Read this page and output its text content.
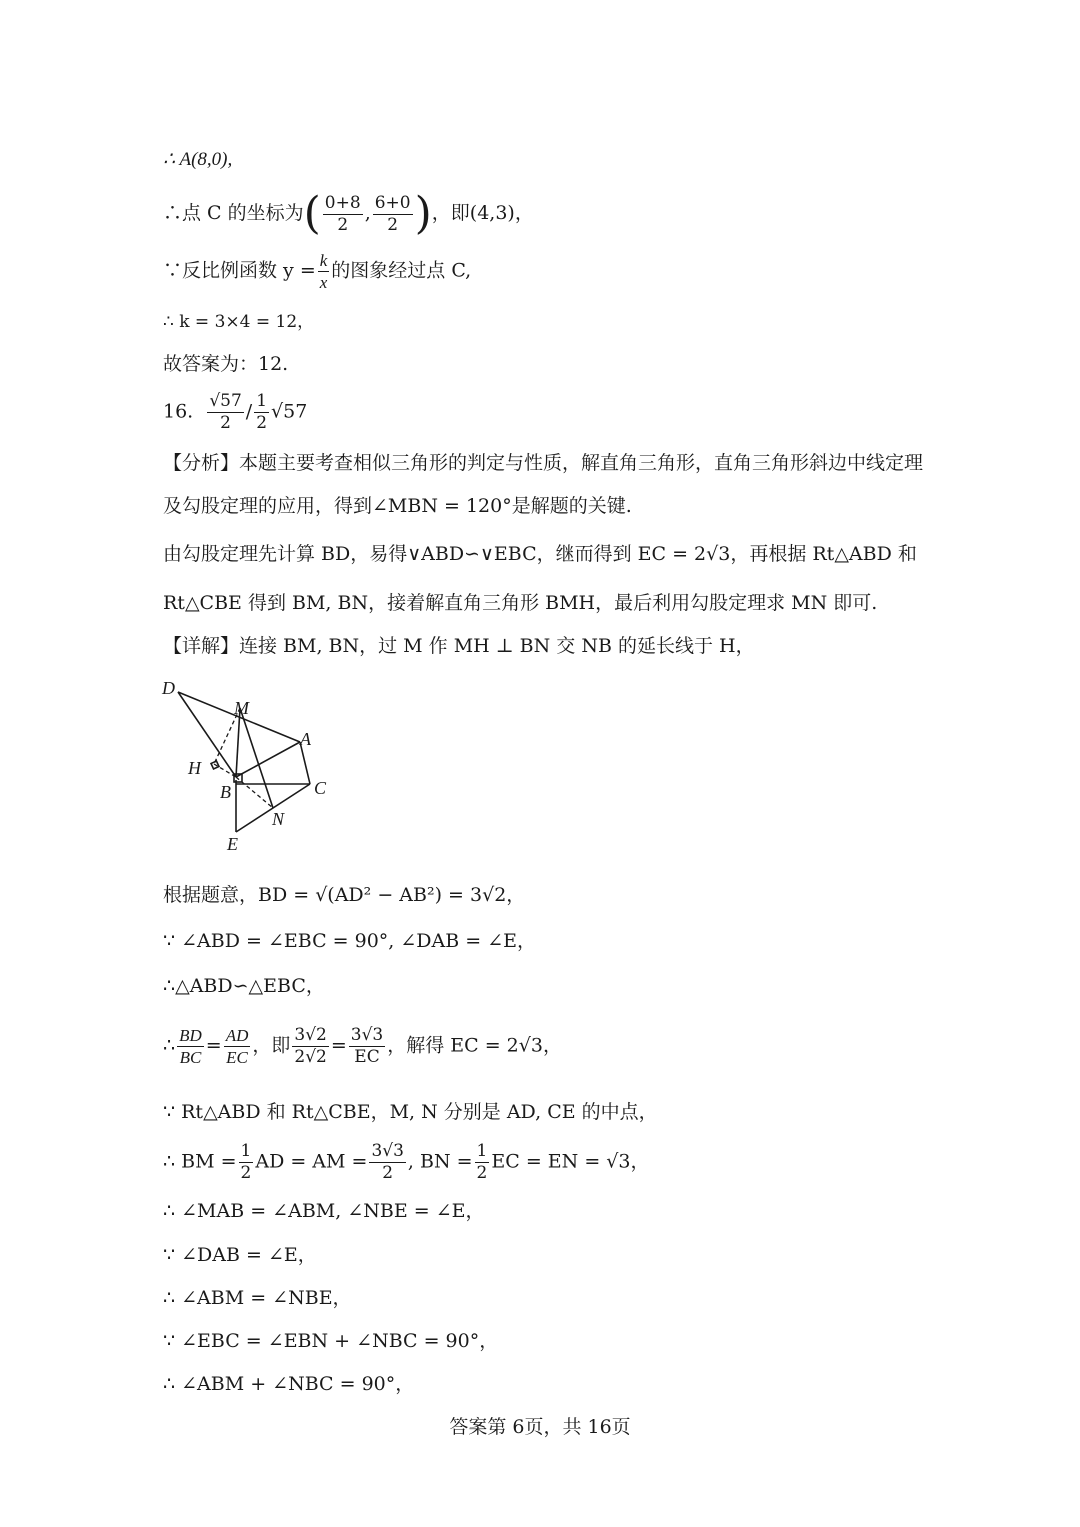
∴ A(8,0),
∴点 C 的坐标为( $\frac{0+8}{2}$ , $\frac{6+0}{2}$ )，即(4,3)，
∵反比例函数 $y = \frac{k}{x}$ 的图象经过点 C,
∴ k = 3×4 = 12，
故答案为：12.
16. $\frac{√57}{2} / \frac{1}{2} √57$
【分析】本题主要考查相似三角形的判定与性质，解直角三角形，直角三角形斜边中线定理
及勾股定理的应用，得到∠MBN = 120°是解题的关键.
由勾股定理先计算 BD，易得∨ABD∽∨EBC，继而得到 EC = 2√3，再根据 Rt△ABD 和
Rt△CBE 得到 BM, BN，接着解直角三角形 BMH，最后利用勾股定理求 MN 即可.
【详解】连接 BM, BN，过 M 作 MH ⊥ BN 交 NB 的延长线于 H，
D
M
A
H
B	C
N
E
根据题意，BD = √(AD² − AB²) = 3√2，
∵ ∠ABD = ∠EBC = 90°, ∠DAB = ∠E，
∴△ABD∽△EBC，
∴ $\frac{BD}{BC} = \frac{AD}{EC}$ ，即 $\frac{3√2}{2√2} = \frac{3√3}{EC}$ ，解得 EC = 2√3，
∵ Rt△ABD 和 Rt△CBE，M, N 分别是 AD, CE 的中点，
∴ BM = $\frac{1}{2}$ AD = AM = $\frac{3√3}{2}$ , BN = $\frac{1}{2}$ EC = EN = √3，
∴ ∠MAB = ∠ABM, ∠NBE = ∠E，
∵ ∠DAB = ∠E，
∴ ∠ABM = ∠NBE，
∵ ∠EBC = ∠EBN + ∠NBC = 90°，
∴ ∠ABM + ∠NBC = 90°，
答案第 6页，共 16页
